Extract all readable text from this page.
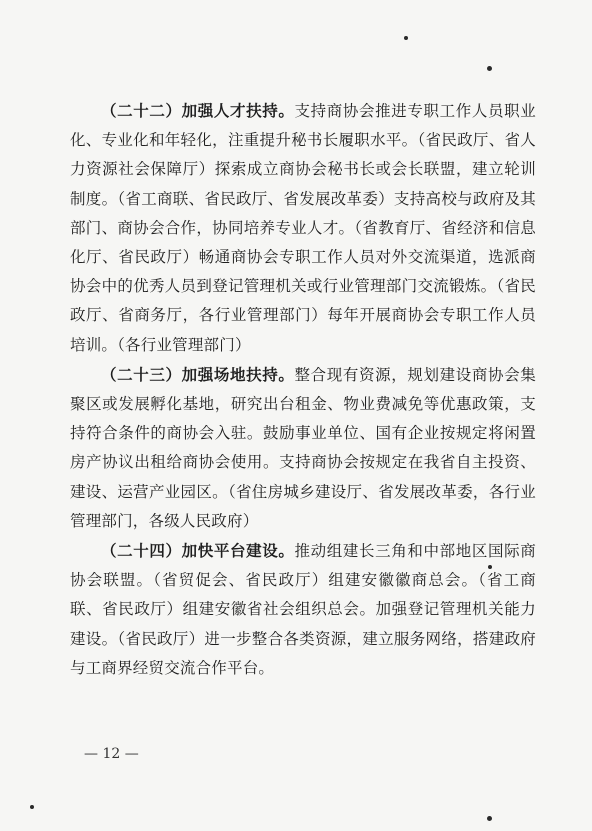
（二十二）加强人才扶持。支持商协会推进专职工作人员职业化、专业化和年轻化，注重提升秘书长履职水平。（省民政厅、省人力资源社会保障厅）探索成立商协会秘书长或会长联盟，建立轮训制度。（省工商联、省民政厅、省发展改革委）支持高校与政府及其部门、商协会合作，协同培养专业人才。（省教育厅、省经济和信息化厅、省民政厅）畅通商协会专职工作人员对外交流渠道，选派商协会中的优秀人员到登记管理机关或行业管理部门交流锻炼。（省民政厅、省商务厅，各行业管理部门）每年开展商协会专职工作人员培训。（各行业管理部门）

（二十三）加强场地扶持。整合现有资源，规划建设商协会集聚区或发展孵化基地，研究出台租金、物业费减免等优惠政策，支持符合条件的商协会入驻。鼓励事业单位、国有企业按规定将闲置房产协议出租给商协会使用。支持商协会按规定在我省自主投资、建设、运营产业园区。（省住房城乡建设厅、省发展改革委，各行业管理部门，各级人民政府）

（二十四）加快平台建设。推动组建长三角和中部地区国际商协会联盟。（省贸促会、省民政厅）组建安徽徽商总会。（省工商联、省民政厅）组建安徽省社会组织总会。加强登记管理机关能力建设。（省民政厅）进一步整合各类资源，建立服务网络，搭建政府与工商界经贸交流合作平台。

— 12 —
